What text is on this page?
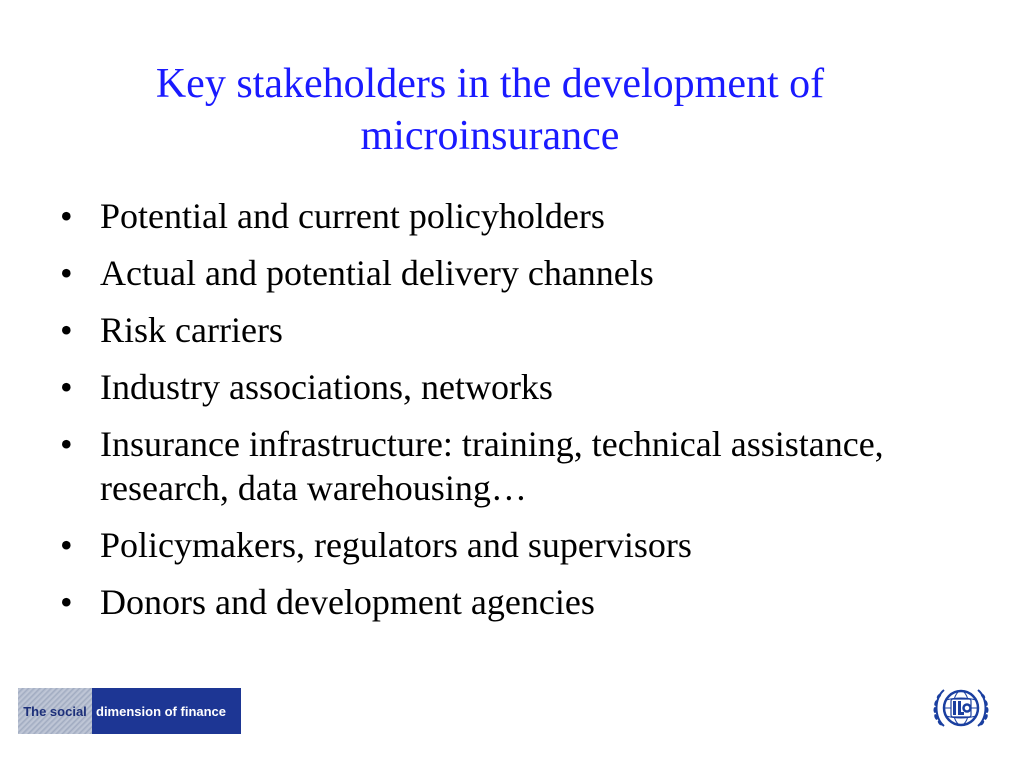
Key stakeholders in the development of microinsurance
• Potential and current policyholders
• Actual and potential delivery channels
• Risk carriers
• Industry associations, networks
• Insurance infrastructure: training, technical assistance, research, data warehousing…
• Policymakers, regulators and supervisors
• Donors and development agencies
The social dimension of finance
